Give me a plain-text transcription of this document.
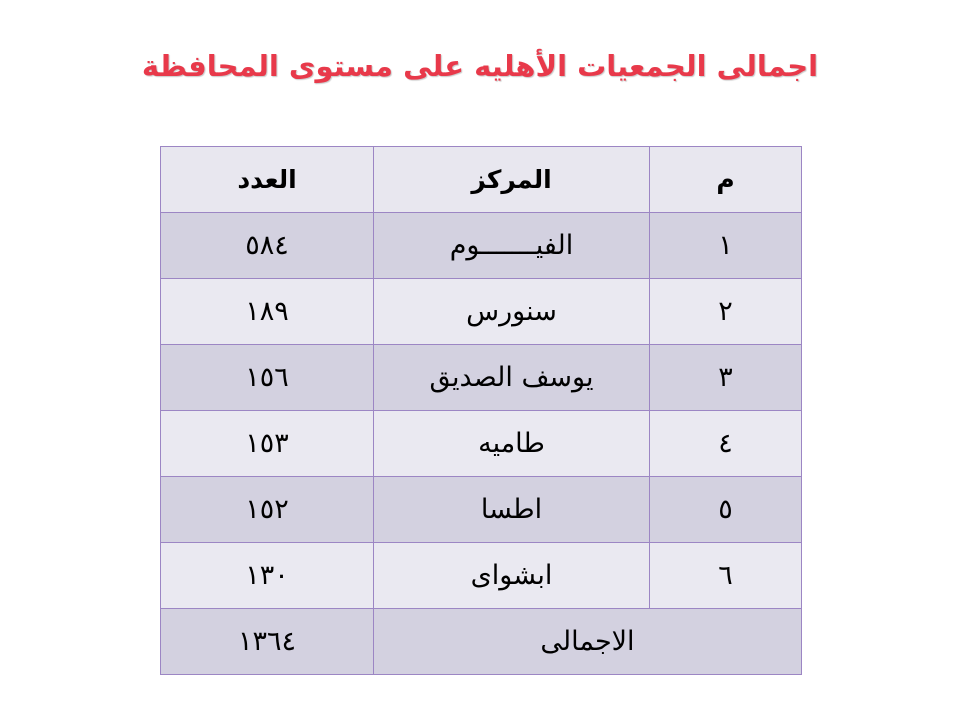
اجمالى الجمعيات الأهليه على مستوى المحافظة
م	المركز	العدد
١	الفيـــــــوم	٥٨٤
٢	سنورس	١٨٩
٣	يوسف الصديق	١٥٦
٤	طاميه	١٥٣
٥	اطسا	١٥٢
٦	ابشواى	١٣٠
الاجمالى		١٣٦٤
